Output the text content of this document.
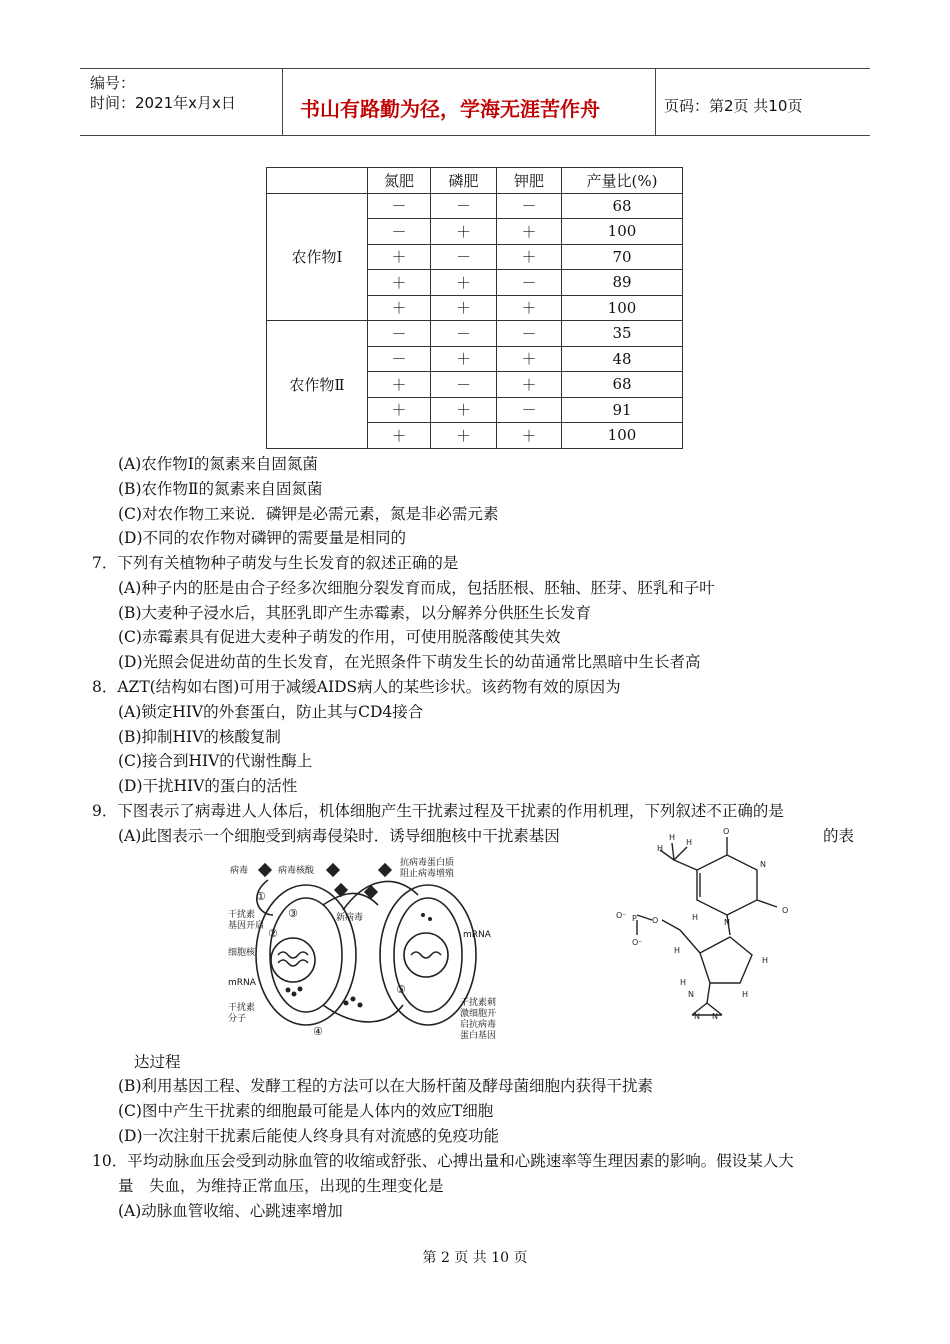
编号：
时间：2021年x月x日	书山有路勤为径，学海无涯苦作舟	页码：第2页 共10页
	氮肥	磷肥	钾肥	产量比(%)
农作物Ⅰ	－	－	－	68
	－	＋	＋	100
	＋	－	＋	70
	＋	＋	－	89
	＋	＋	＋	100
农作物Ⅱ	－	－	－	35
	－	＋	＋	48
	＋	－	＋	68
	＋	＋	－	91
	＋	＋	＋	100
(A)农作物Ⅰ的氮素来自固氮菌
(B)农作物Ⅱ的氮素来自固氮菌
(C)对农作物工来说．磷钾是必需元素，氮是非必需元素
(D)不同的农作物对磷钾的需要量是相同的
7．下列有关植物种子萌发与生长发育的叙述正确的是
(A)种子内的胚是由合子经多次细胞分裂发育而成，包括胚根、胚轴、胚芽、胚乳和子叶
(B)大麦种子浸水后，其胚乳即产生赤霉素，以分解养分供胚生长发育
(C)赤霉素具有促进大麦种子萌发的作用，可使用脱落酸使其失效
(D)光照会促进幼苗的生长发育，在光照条件下萌发生长的幼苗通常比黑暗中生长者高
8．AZT(结构如右图)可用于减缓AIDS病人的某些诊状。该药物有效的原因为
(A)锁定HIV的外套蛋白，防止其与CD4接合
(B)抑制HIV的核酸复制
(C)接合到HIV的代谢性酶上
(D)干扰HIV的蛋白的活性
9．下图表示了病毒进人人体后，机体细胞产生干扰素过程及干扰素的作用机理，下列叙述不正确的是
(A)此图表示一个细胞受到病毒侵染时．诱导细胞核中干扰素基因	的表
病毒	病毒核酸
干扰素
基因开启
细胞核
mRNA
干扰素
分子
新病毒
抗病毒蛋白质
阻止病毒增殖
mRNA
干扰素刺
激细胞开
启抗病毒
蛋白基因
①
②
③
④
⑤
O
O
N
N
O
O⁻ P
O⁻
H
H
H
H
H
H
N
N N
H
H
达过程
(B)利用基因工程、发酵工程的方法可以在大肠杆菌及酵母菌细胞内获得干扰素
(C)图中产生干扰素的细胞最可能是人体内的效应T细胞
(D)一次注射干扰素后能使人终身具有对流感的免疫功能
10．平均动脉血压会受到动脉血管的收缩或舒张、心搏出量和心跳速率等生理因素的影响。假设某人大
量　失血，为维持正常血压，出现的生理变化是
(A)动脉血管收缩、心跳速率增加
第 2 页 共 10 页
